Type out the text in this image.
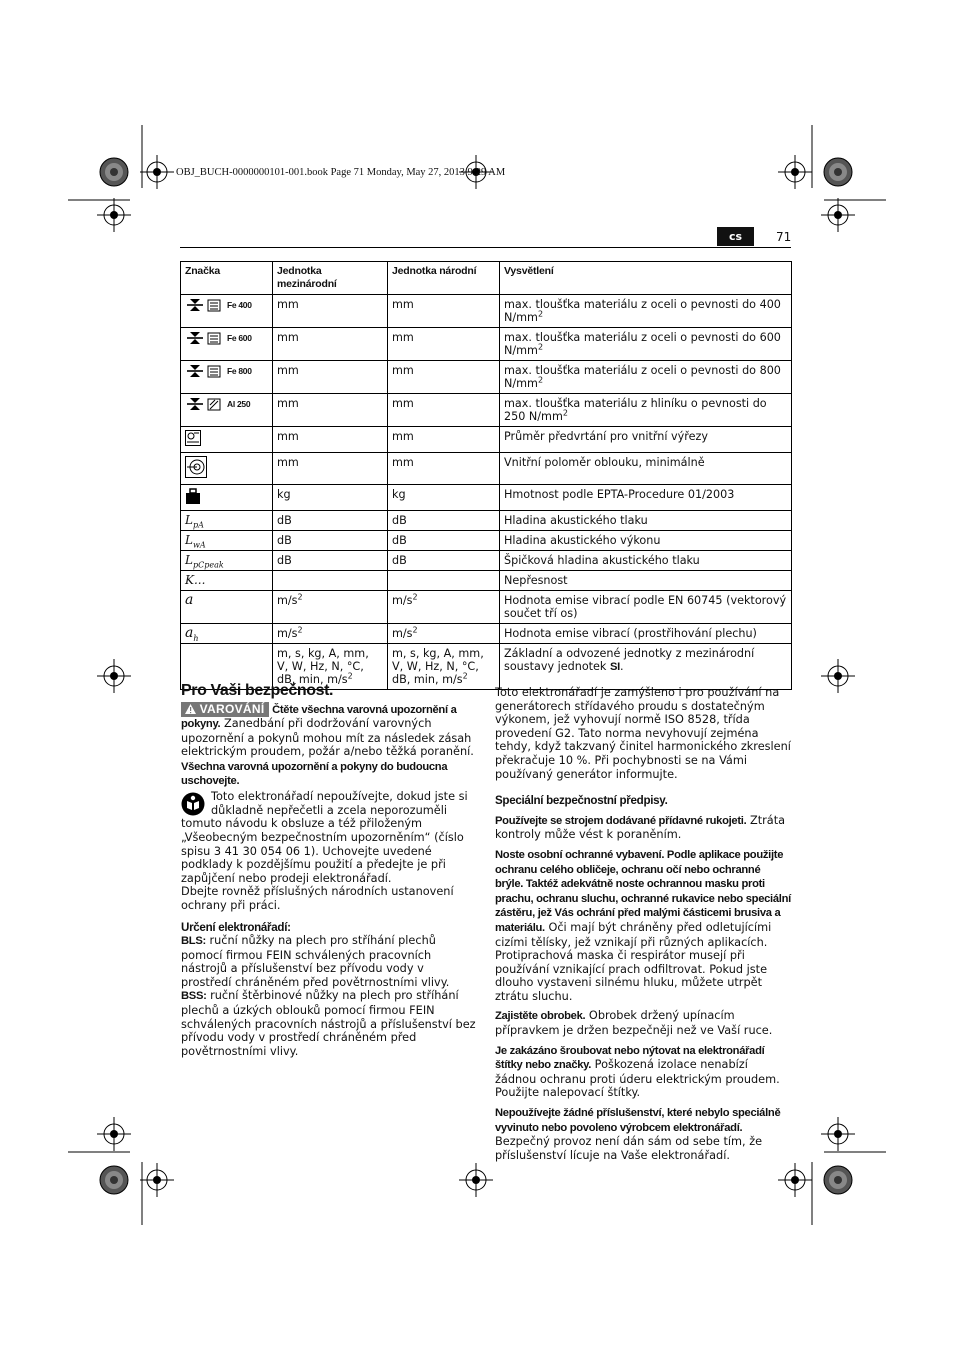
OBJ_BUCH-0000000101-001.book Page 71 Monday, May 27, 2013 9:29 AM
cs	71
Značka	Jednotka mezinárodní	Jednotka národní	Vysvětlení

Fe 400	mm	mm	max. tloušťka materiálu z oceli o pevnosti do 400 $N/mm^2$

Fe 600	mm	mm	max. tloušťka materiálu z oceli o pevnosti do 600 $N/mm^2$

Fe 800	mm	mm	max. tloušťka materiálu z oceli o pevnosti do 800 $N/mm^2$

Al 250	mm	mm	max. tloušťka materiálu z hliníku o pevnosti do 250 $N/mm^2$
	mm	mm	Průměr předvrtání pro vnitřní výřezy
	mm	mm	Vnitřní poloměr oblouku, minimálně
	kg	kg	Hmotnost podle EPTA-Procedure 01/2003
$L_{pA}$	dB	dB	Hladina akustického tlaku
$L_{wA}$	dB	dB	Hladina akustického výkonu
$L_{pCpeak}$	dB	dB	Špičková hladina akustického tlaku
K...			Nepřesnost
a	$m/s^2$	$m/s^2$	Hodnota emise vibrací podle EN 60745 (vektorový součet tří os)
$a_h$	$m/s^2$	$m/s^2$	Hodnota emise vibrací (prostřihování plechu)
	m, s, kg, A, mm, V, W, Hz, N, °C, dB, min, $m/s^2$	m, s, kg, A, mm, V, W, Hz, N, °C, dB, min, $m/s^2$	Základní a odvozené jednotky z mezinárodní soustavy jednotek SI.
Pro Vaši bezpečnost.

VAROVÁNÍ Čtěte všechna varovná upozornění a pokyny. Zanedbání při dodržování varovných upozornění a pokynů mohou mít za následek zásah elektrickým proudem, požár a/nebo těžká poranění.

Všechna varovná upozornění a pokyny do budoucna uschovejte.

Toto elektronářadí nepoužívejte, dokud jste si důkladně nepřečetli a zcela neporozuměli tomuto návodu k obsluze a též přiloženým „Všeobecným bezpečnostním upozorněním“ (číslo spisu 3 41 30 054 06 1). Uchovejte uvedené podklady k pozdějšímu použití a předejte je při zapůjčení nebo prodeji elektronářadí.

Dbejte rovněž příslušných národních ustanovení ochrany při práci.

Určení elektronářadí:

BLS: ruční nůžky na plech pro stříhání plechů pomocí firmou FEIN schválených pracovních nástrojů a příslušenství bez přívodu vody v prostředí chráněném před povětrnostními vlivy.

BSS: ruční štěrbinové nůžky na plech pro stříhání plechů a úzkých oblouků pomocí firmou FEIN schválených pracovních nástrojů a příslušenství bez přívodu vody v prostředí chráněném před povětrnostními vlivy.

Toto elektronářadí je zamýšleno i pro používání na generátorech střídavého proudu s dostatečným výkonem, jež vyhovují normě ISO 8528, třída provedení G2. Tato norma nevyhovují zejména tehdy, když takzvaný činitel harmonického zkreslení překračuje 10 %. Při pochybnosti se na Vámi používaný generátor informujte.

Speciální bezpečnostní předpisy.

Používejte se strojem dodávané přídavné rukojeti. Ztráta kontroly může vést k poraněním.

Noste osobní ochranné vybavení. Podle aplikace použijte ochranu celého obličeje, ochranu očí nebo ochranné brýle. Taktéž adekvátně noste ochrannou masku proti prachu, ochranu sluchu, ochranné rukavice nebo speciální zástěru, jež Vás ochrání před malými částicemi brusiva a materiálu. Oči mají být chráněny před odletujícími cizími tělísky, jež vznikají při různých aplikacích. Protiprachová maska či respirátor musejí při používání vznikající prach odfiltrovat. Pokud jste dlouho vystaveni silnému hluku, můžete utrpět ztrátu sluchu.

Zajistěte obrobek. Obrobek držený upínacím přípravkem je držen bezpečněji než ve Vaší ruce.

Je zakázáno šroubovat nebo nýtovat na elektronářadí štítky nebo značky. Poškozená izolace nenabízí žádnou ochranu proti úderu elektrickým proudem. Použijte nalepovací štítky.

Nepoužívejte žádné příslušenství, které nebylo speciálně vyvinuto nebo povoleno výrobcem elektronářadí. Bezpečný provoz není dán sám od sebe tím, že příslušenství lícuje na Vaše elektronářadí.
